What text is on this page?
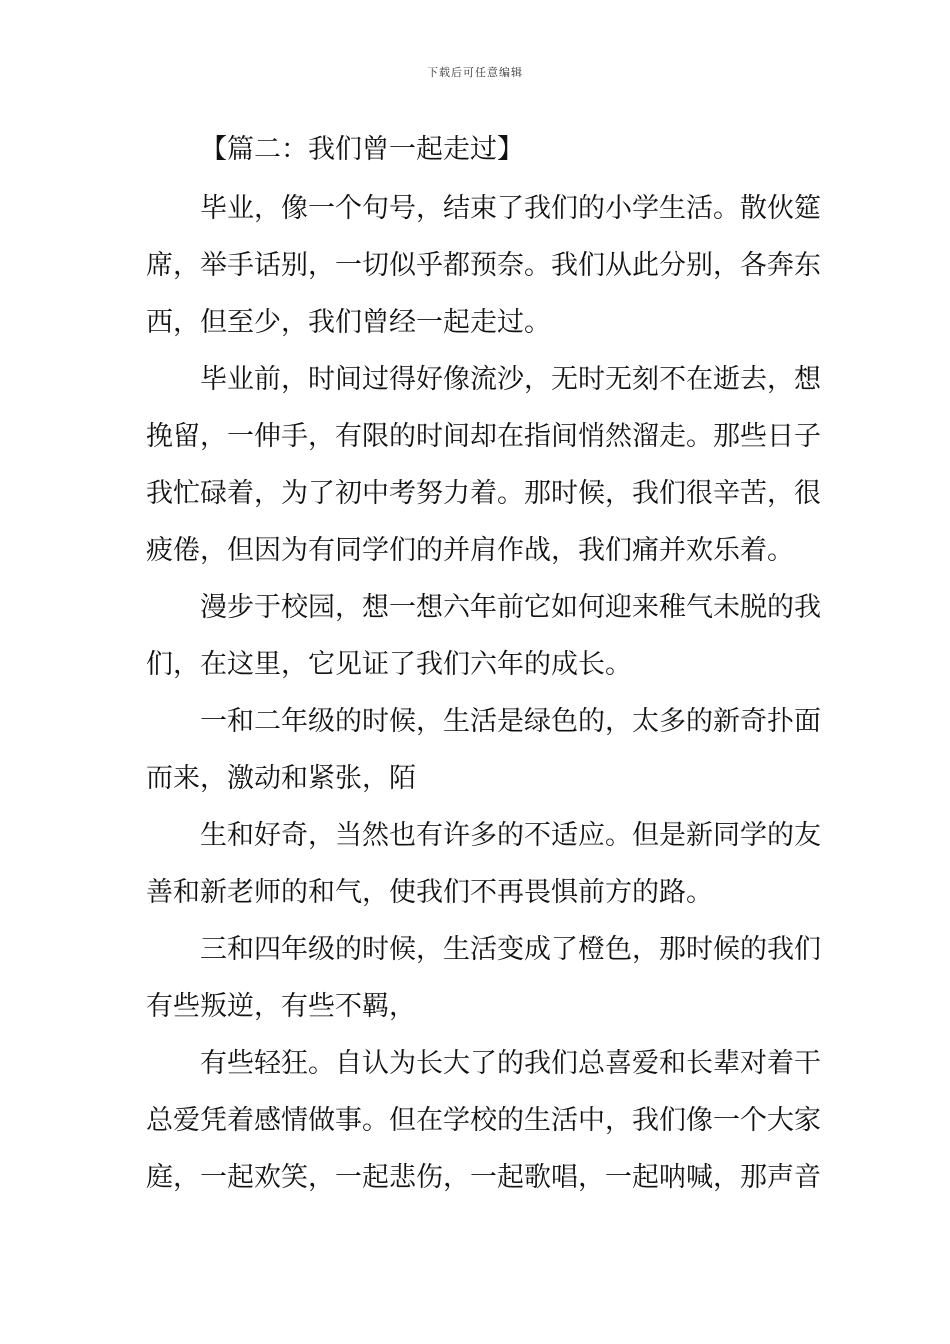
下载后可任意编辑
【篇二：我们曾一起走过】
毕业，像一个句号，结束了我们的小学生活。散伙筵
席，举手话别，一切似乎都预奈。我们从此分别，各奔东
西，但至少，我们曾经一起走过。
毕业前，时间过得好像流沙，无时无刻不在逝去，想
挽留，一伸手，有限的时间却在指间悄然溜走。那些日子
我忙碌着，为了初中考努力着。那时候，我们很辛苦，很
疲倦，但因为有同学们的并肩作战，我们痛并欢乐着。
漫步于校园，想一想六年前它如何迎来稚气未脱的我
们，在这里，它见证了我们六年的成长。
一和二年级的时候，生活是绿色的，太多的新奇扑面
而来，激动和紧张，陌
生和好奇，当然也有许多的不适应。但是新同学的友
善和新老师的和气，使我们不再畏惧前方的路。
三和四年级的时候，生活变成了橙色，那时候的我们
有些叛逆，有些不羁，
有些轻狂。自认为长大了的我们总喜爱和长辈对着干
总爱凭着感情做事。但在学校的生活中，我们像一个大家
庭，一起欢笑，一起悲伤，一起歌唱，一起呐喊，那声音
